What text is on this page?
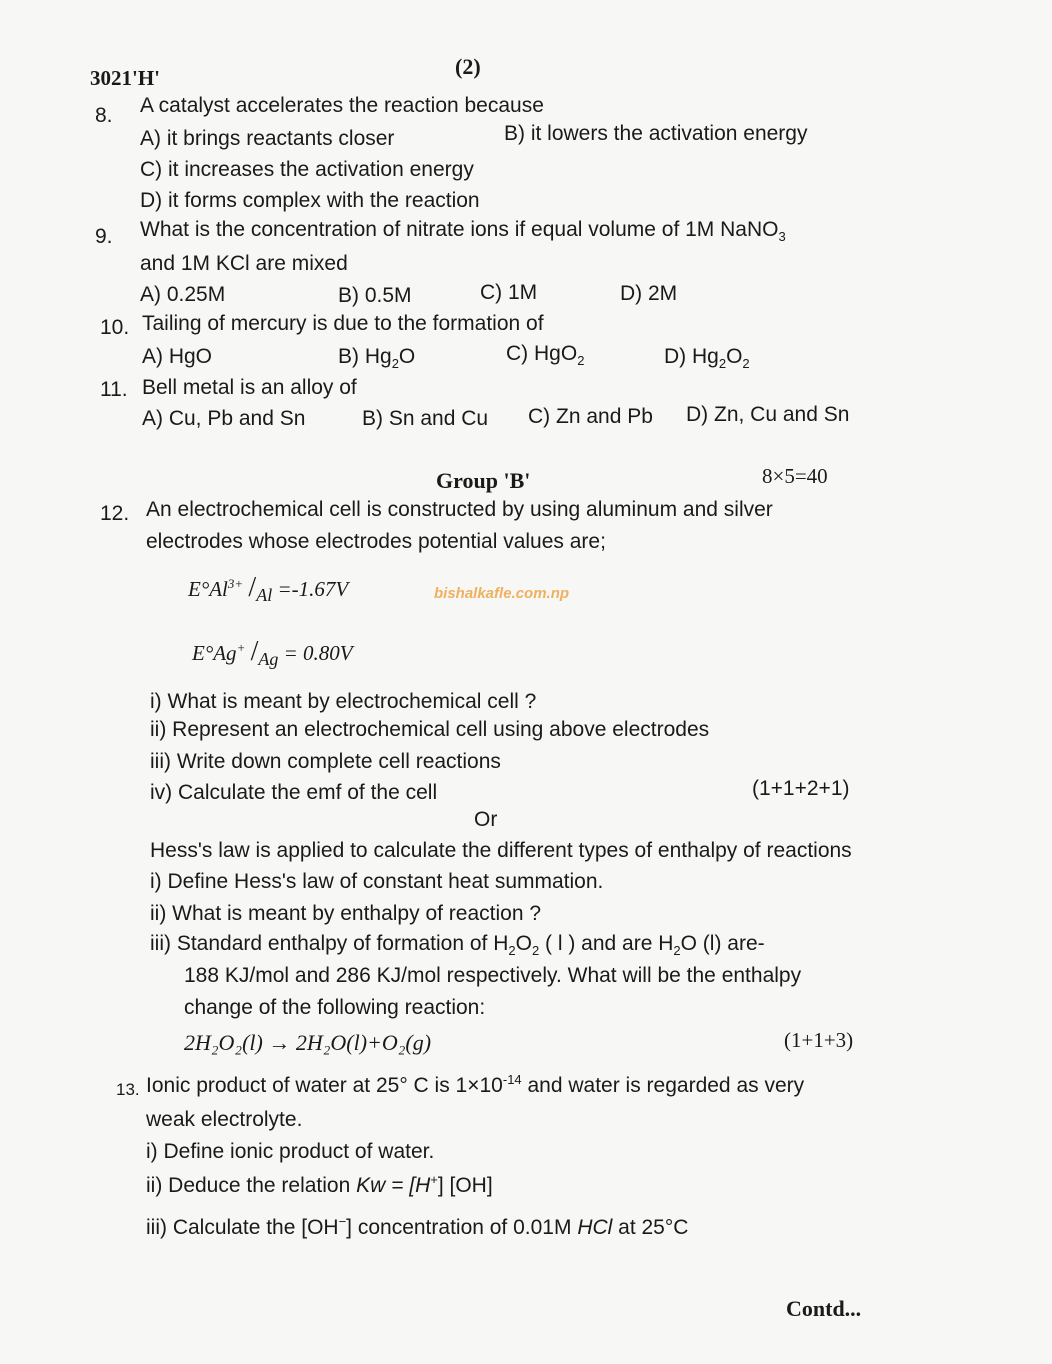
3021'H'	(2)
8. A catalyst accelerates the reaction because
A) it brings reactants closer	B) it lowers the activation energy
C) it increases the activation energy
D) it forms complex with the reaction
9. What is the concentration of nitrate ions if equal volume of 1M NaNO$_3$
and 1M KCl are mixed
A) 0.25M	B) 0.5M	C) 1M	D) 2M
10. Tailing of mercury is due to the formation of
A) HgO	B) $Hg_2O$	C) HgO$_2$	D) $Hg_2O_2$
11. Bell metal is an alloy of
A) Cu, Pb and Sn	B) Sn and Cu C) Zn and Pb D) Zn, Cu and Sn
Group 'B'	8×5=40
12. An electrochemical cell is constructed by using aluminum and silver
electrodes whose electrodes potential values are;
$E^\circ Al^{3+}$ $/_{Al} =-1.67V$	bishalkafle.com.np
E°Ag+ $/_{Ag} = 0.80V$
i) What is meant by electrochemical cell ?
ii) Represent an electrochemical cell using above electrodes
iii) Write down complete cell reactions
iv) Calculate the emf of the cell	(1+1+2+1)
Or
Hess's law is applied to calculate the different types of enthalpy of reactions
i) Define Hess's law of constant heat summation.
ii) What is meant by enthalpy of reaction ?
iii) Standard enthalpy of formation of $H_2O_2$ ( l ) and are $H_2O$ (l) are-
188 KJ/mol and 286 KJ/mol respectively. What will be the enthalpy
change of the following reaction:
2H₂O₂(l) → 2H₂O(l)+O₂(g)	(1+1+3)
13. Ionic product of water at 25° C is $1\times 10^{-14}$ and water is regarded as very
weak electrolyte.
i) Define ionic product of water.
ii) Deduce the relation Kw = [H+] [OH]
iii) Calculate the [OH−] concentration of 0.01M HCl at 25°C
Contd...
